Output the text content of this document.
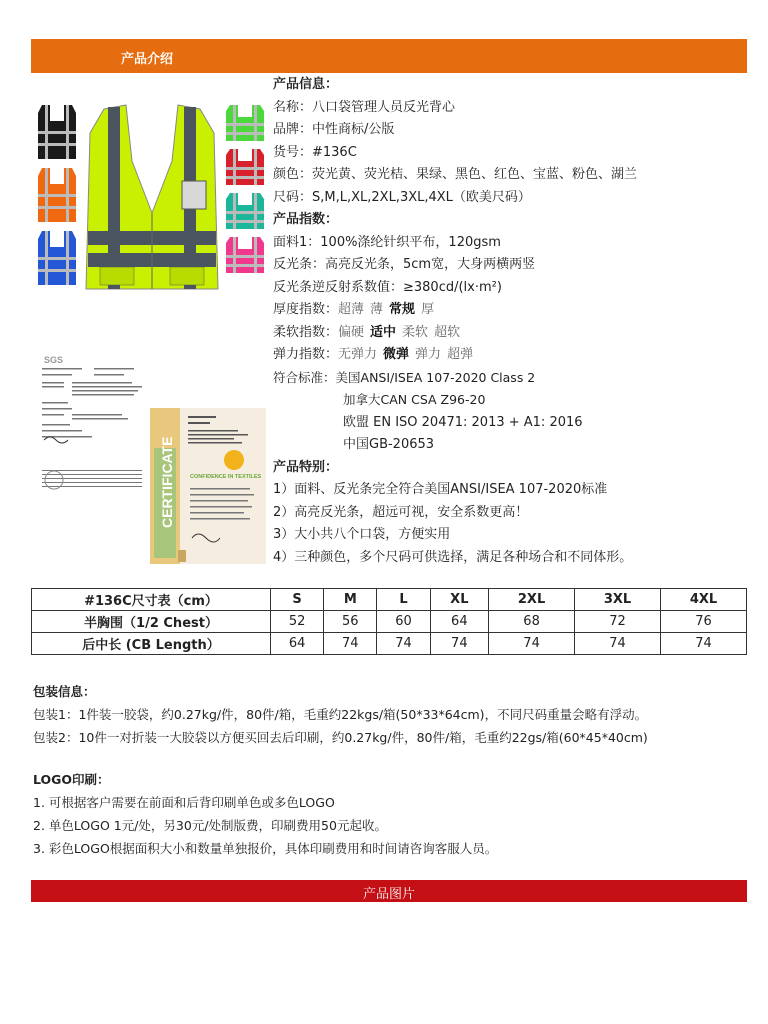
产品介绍
SGS
CERTIFICATE	CONFIDENCE IN TEXTILES
产品信息：
名称：八口袋管理人员反光背心
品牌：中性商标/公版
货号：#136C
颜色：荧光黄、荧光桔、果绿、黑色、红色、宝蓝、粉色、湖兰
尺码：S,M,L,XL,2XL,3XL,4XL（欧美尺码）
产品指数：
面料1：100%涤纶针织平布，120gsm
反光条：高亮反光条，5cm宽，大身两横两竖
反光条逆反射系数值：≥380cd/(lx·m²)
厚度指数：超薄 薄 常规 厚
柔软指数：偏硬 适中 柔软 超软
弹力指数：无弹力 微弹 弹力 超弹
符合标准：美国ANSI/ISEA 107-2020 Class 2
加拿大CAN CSA Z96-20
欧盟 EN ISO 20471: 2013 + A1: 2016
中国GB-20653
产品特别：
1）面料、反光条完全符合美国ANSI/ISEA 107-2020标准
2）高亮反光条，超远可视，安全系数更高！
3）大小共八个口袋，方便实用
4）三种颜色，多个尺码可供选择，满足各种场合和不同体形。
#136C尺寸表（cm）	S	M	L	XL	2XL	3XL	4XL
半胸围（1/2 Chest）	52	56	60	64	68	72	76
后中长 (CB Length）	64	74	74	74	74	74	74
包装信息：
包装1：1件装一胶袋，约0.27kg/件，80件/箱，毛重约22kgs/箱(50*33*64cm)，不同尺码重量会略有浮动。
包装2：10件一对折装一大胶袋以方便买回去后印刷，约0.27kg/件，80件/箱，毛重约22gs/箱(60*45*40cm)
LOGO印刷：
1. 可根据客户需要在前面和后背印刷单色或多色LOGO
2. 单色LOGO 1元/处，另30元/处制版费，印刷费用50元起收。
3. 彩色LOGO根据面积大小和数量单独报价，具体印刷费用和时间请咨询客服人员。
产品图片
